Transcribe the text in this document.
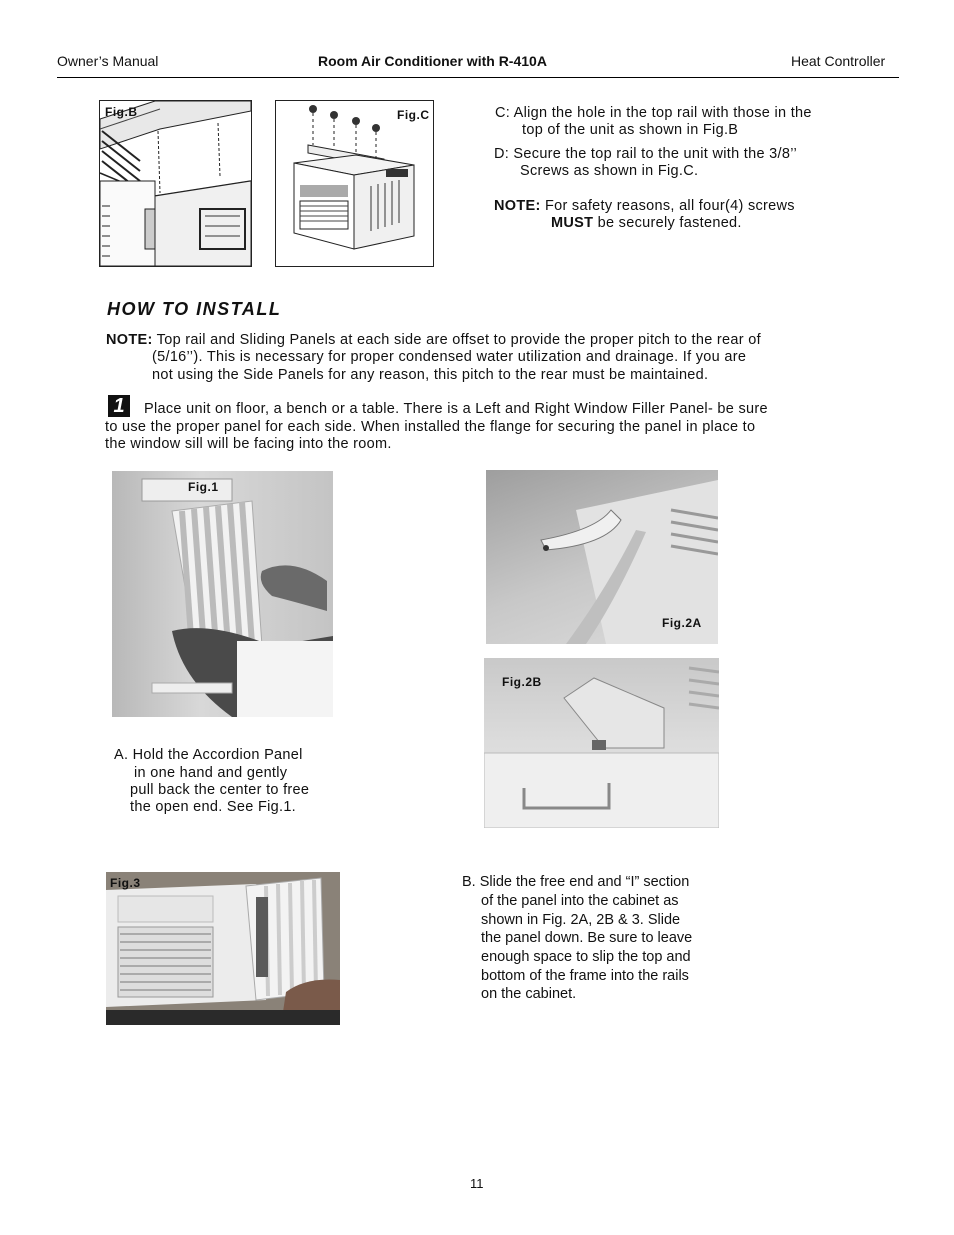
Owner’s Manual	Room Air Conditioner with R-410A	Heat Controller
Fig.B	Fig.C	C: Align the hole in the top rail with those in the
top of the unit as shown in Fig.B
D: Secure the top rail to the unit with the 3/8’’
Screws as shown in Fig.C.
NOTE: For safety reasons, all four(4) screws
MUST be securely fastened.
HOW TO INSTALL
NOTE: Top rail and Sliding Panels at each side are offset to provide the proper pitch to the rear of
(5/16’’). This is necessary for proper condensed water utilization and drainage. If you are
not using the Side Panels for any reason, this pitch to the rear must be maintained.
1	Place unit on floor, a bench or a table. There is a Left and Right Window Filler Panel- be sure
to use the proper panel for each side. When installed the flange for securing the panel in place to
the window sill will be facing into the room.
Fig.1
Fig.2A
Fig.2B
A. Hold the Accordion Panel
in one hand and gently
pull back the center to free
the open end. See Fig.1.
Fig.3	B. Slide the free end and “I” section
of the panel into the cabinet as
shown in Fig. 2A, 2B & 3. Slide
the panel down. Be sure to leave
enough space to slip the top and
bottom of the frame into the rails
on the cabinet.
11
